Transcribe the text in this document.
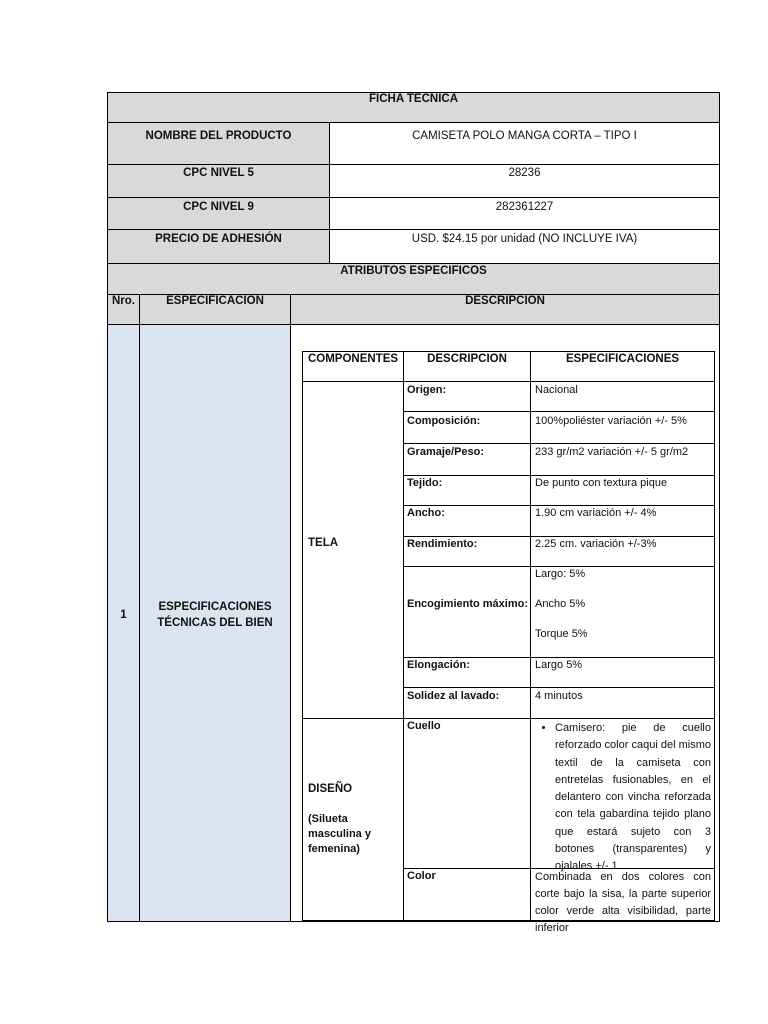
FICHA TECNICA
NOMBRE DEL PRODUCTO	CAMISETA POLO MANGA CORTA – TIPO I
CPC NIVEL 5	28236
CPC NIVEL 9	282361227
PRECIO DE ADHESIÓN	USD. $24.15 por unidad (NO INCLUYE IVA)
ATRIBUTOS ESPECIFICOS
Nro.	ESPECIFICACION	DESCRIPCION
1
ESPECIFICACIONES TÉCNICAS DEL BIEN
COMPONENTES	DESCRIPCION	ESPECIFICACIONES
TELA
Origen:	Nacional
Composición:	100%poliéster variación +/- 5%
Gramaje/Peso:	233 gr/m2 variación +/- 5 gr/m2
Tejido:	De punto con textura pique
Ancho:	1.90 cm variación +/- 4%
Rendimiento:	2.25 cm. variación +/-3%
Encogimiento máximo:
Largo: 5%
Ancho 5%
Torque 5%
Elongación:	Largo 5%
Solidez al lavado:	4 minutos
DISEÑO
(Silueta masculina y femenina)
Cuello
•	Camisero: pie de cuello reforzado color caqui del mismo textil de la camiseta con entretelas fusionables, en el delantero con vincha reforzada con tela gabardina tejido plano que estará sujeto con 3 botones (transparentes) y ojalales +/- 1
Color	Combinada en dos colores con corte bajo la sisa, la parte superior color verde alta visibilidad, parte inferior
